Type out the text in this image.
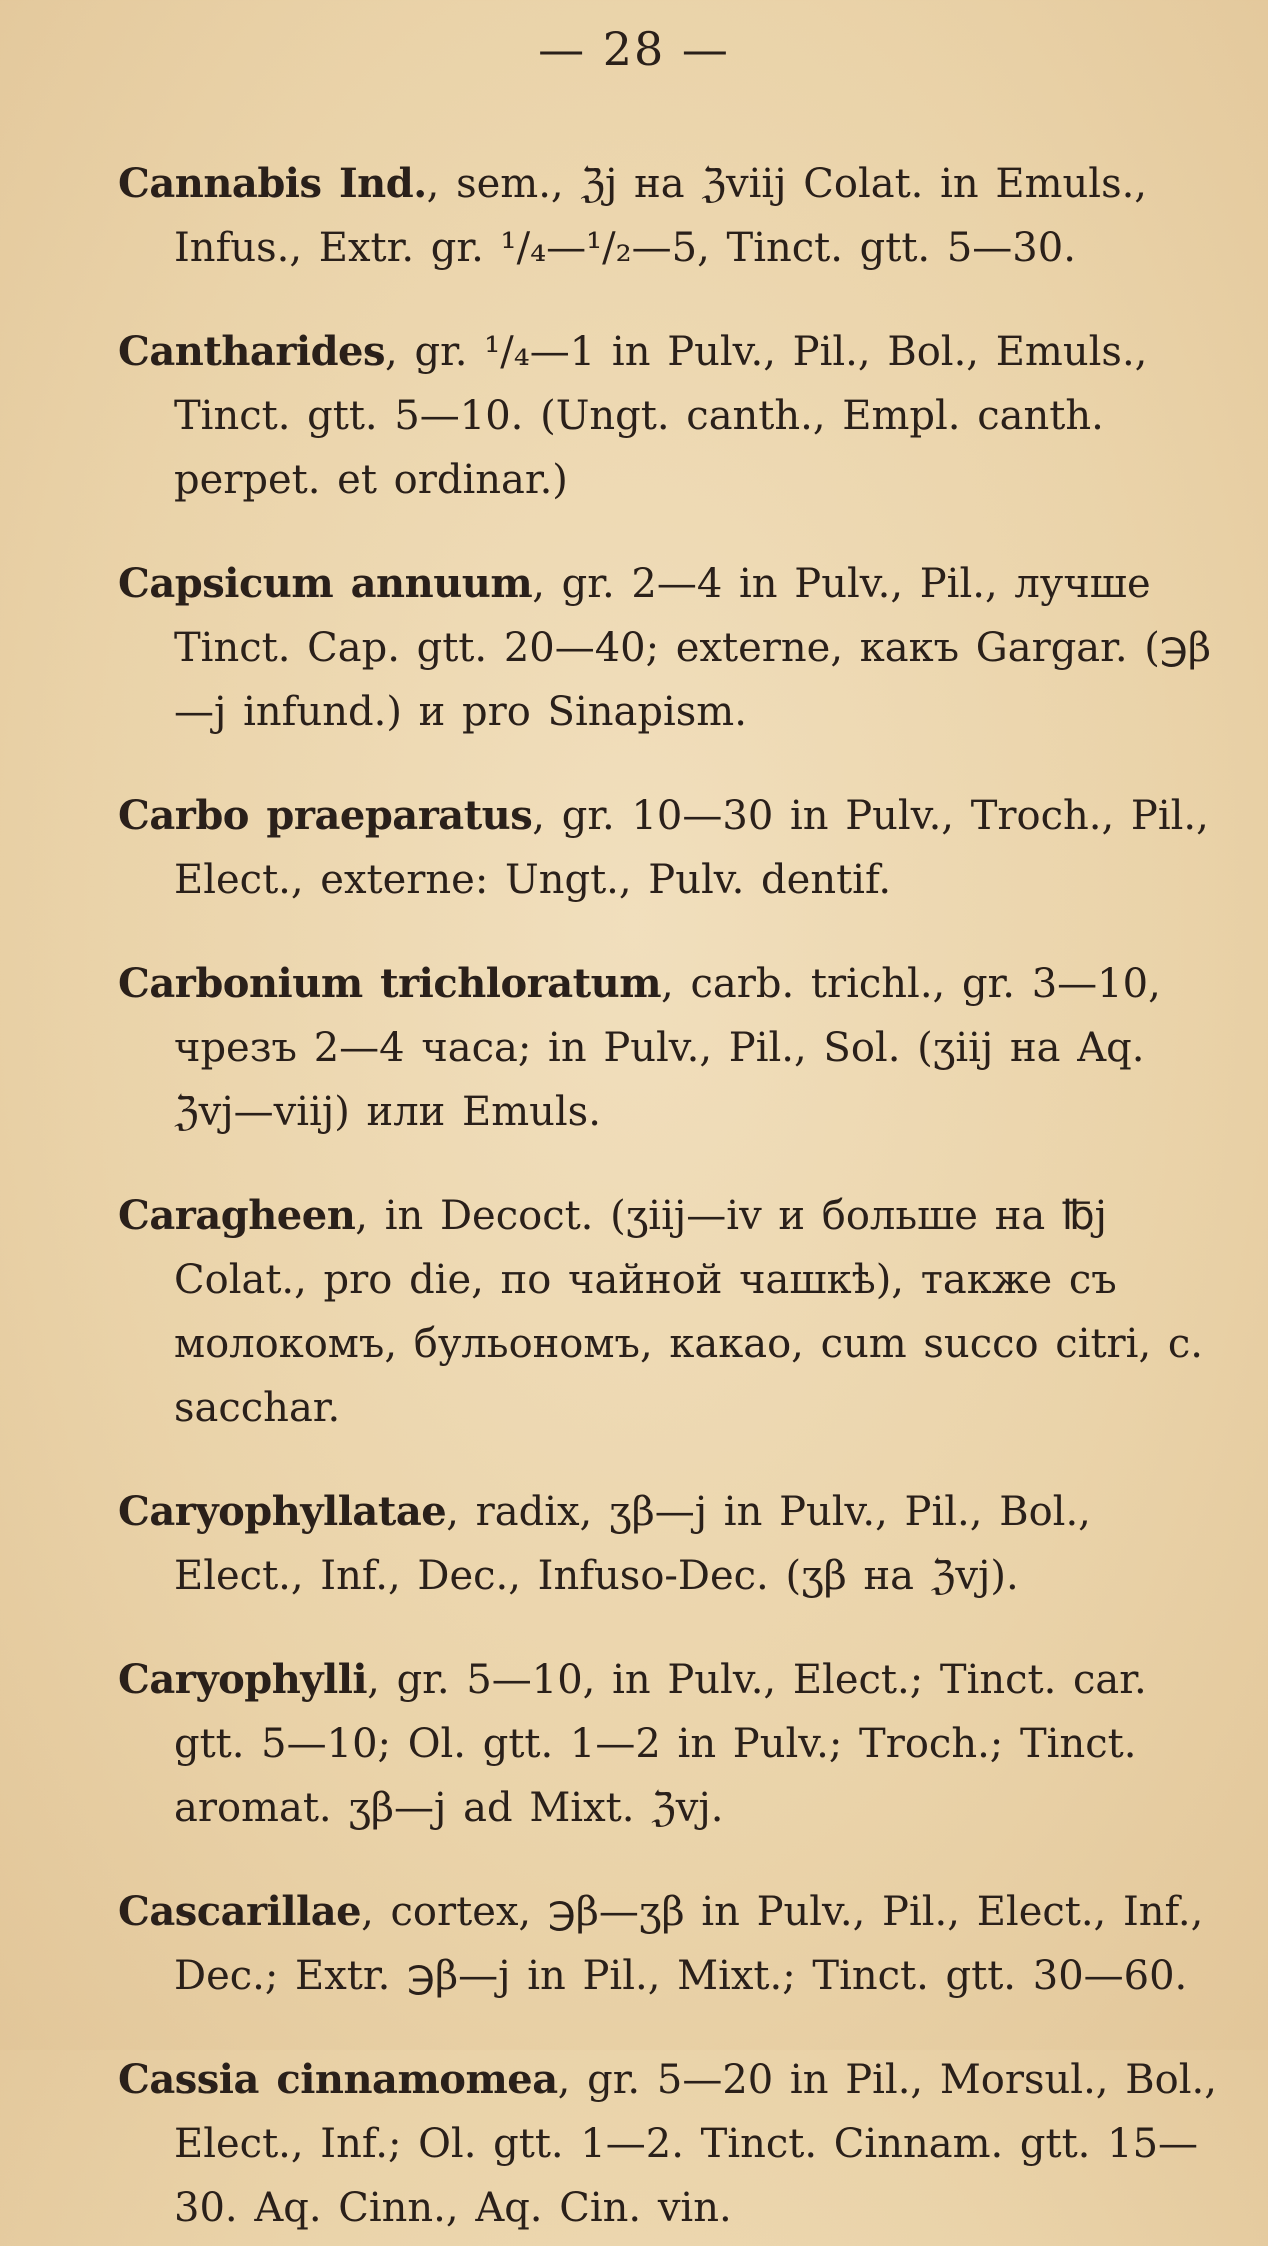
— 28 —

Cannabis Ind., sem., ℨj на ℨviij Colat. in Emuls., Infus., Extr. gr. ¹/₄—¹/₂—5, Tinct. gtt. 5—30.

Cantharides, gr. ¹/₄—1 in Pulv., Pil., Bol., Emuls., Tinct. gtt. 5—10. (Ungt. canth., Empl. canth. perpet. et ordinar.)

Capsicum annuum, gr. 2—4 in Pulv., Pil., лучше Tinct. Cap. gtt. 20—40; externe, какъ Gargar. (℈β—j infund.) и pro Sinapism.

Carbo praeparatus, gr. 10—30 in Pulv., Troch., Pil., Elect., externe: Ungt., Pulv. dentif.

Carbonium trichloratum, carb. trichl., gr. 3—10, чрезъ 2—4 часа; in Pulv., Pil., Sol. (ʒiij на Aq. ℨvj—viij) или Emuls.

Caragheen, in Decoct. (ʒiij—iv и больше на ℔j Colat., pro die, по чайной чашкѣ), также съ молокомъ, бульономъ, какао, cum succo citri, c. sacchar.

Caryophyllatae, radix, ʒβ—j in Pulv., Pil., Bol., Elect., Inf., Dec., Infuso-Dec. (ʒβ на ℨvj).

Caryophylli, gr. 5—10, in Pulv., Elect.; Tinct. car. gtt. 5—10; Ol. gtt. 1—2 in Pulv.; Troch.; Tinct. aromat. ʒβ—j ad Mixt. ℨvj.

Cascarillae, cortex, ℈β—ʒβ in Pulv., Pil., Elect., Inf., Dec.; Extr. ℈β—j in Pil., Mixt.; Tinct. gtt. 30—60.

Cassia cinnamomea, gr. 5—20 in Pil., Morsul., Bol., Elect., Inf.; Ol. gtt. 1—2. Tinct. Cinnam. gtt. 15—30. Aq. Cinn., Aq. Cin. vin.
